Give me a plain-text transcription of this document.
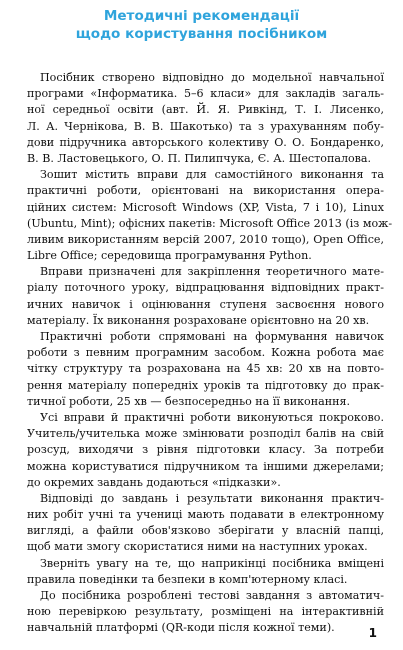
Методичні рекомендації
щодо користування посібником
Посібник створено відповідно до модельної навчальної
програми «Інформатика. 5–6 класи» для закладів загаль-
ної середньої освіти (авт. Й. Я. Ривкінд, Т. І. Лисенко,
Л. А. Чернікова, В. В. Шакотько) та з урахуванням побу-
дови підручника авторського колективу О. О. Бондаренко,
В. В. Ластовецького, О. П. Пилипчука, Є. А. Шестопалова.
Зошит містить вправи для самостійного виконання та
практичні роботи, орієнтовані на використання опера-
ційних систем: Microsoft Windows (XP, Vista, 7 і 10), Linux
(Ubuntu, Mint); офісних пакетів: Microsoft Office 2013 (із мож-
ливим використанням версій 2007, 2010 тощо), Open Office,
Libre Office; середовища програмування Python.
Вправи призначені для закріплення теоретичного мате-
ріалу поточного уроку, відпрацювання відповідних практ-
ичних навичок і оцінювання ступеня засвоєння нового
матеріалу. Їх виконання розраховане орієнтовно на 20 хв.
Практичні роботи спрямовані на формування навичок
роботи з певним програмним засобом. Кожна робота має
чітку структуру та розрахована на 45 хв: 20 хв на повто-
рення матеріалу попередніх уроків та підготовку до прак-
тичної роботи, 25 хв — безпосередньо на її виконання.
Усі вправи й практичні роботи виконуються покроково.
Учитель/учителька може змінювати розподіл балів на свій
розсуд, виходячи з рівня підготовки класу. За потреби
можна користуватися підручником та іншими джерелами;
до окремих завдань додаються «підказки».
Відповіді до завдань і результати виконання практич-
них робіт учні та учениці мають подавати в електронному
вигляді, а файли обов'язково зберігати у власній папці,
щоб мати змогу скористатися ними на наступних уроках.
Зверніть увагу на те, що наприкінці посібника вміщені
правила поведінки та безпеки в комп'ютерному класі.
До посібника розроблені тестові завдання з автоматич-
ною перевіркою результату, розміщені на інтерактивній
навчальній платформі (QR-коди після кожної теми).	1
